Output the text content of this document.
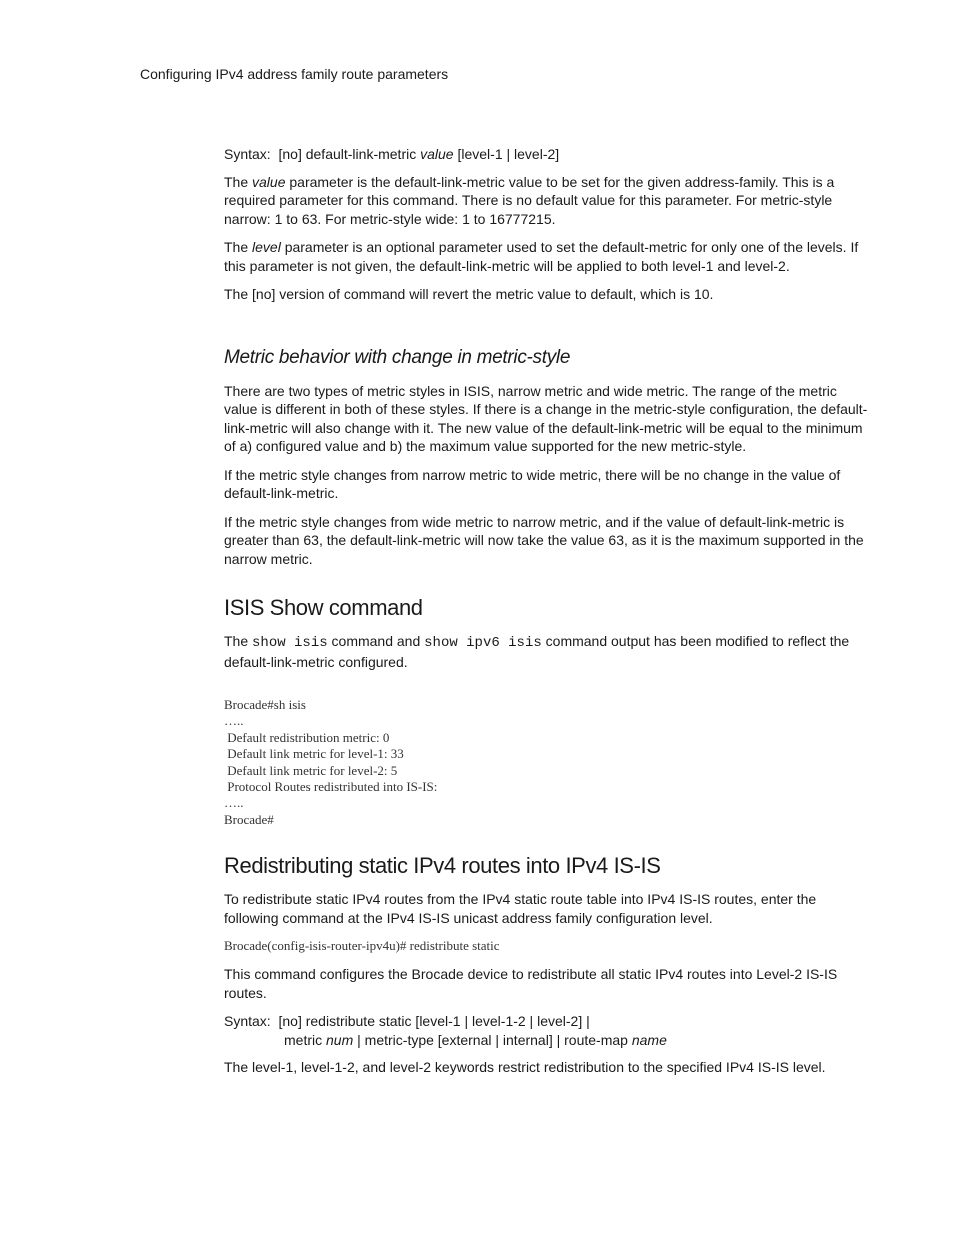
Configuring IPv4 address family route parameters
Syntax: [no] default-link-metric value [level-1 | level-2]

The value parameter is the default-link-metric value to be set for the given address-family. This is a required parameter for this command. There is no default value for this parameter. For metric-style narrow: 1 to 63. For metric-style wide: 1 to 16777215.

The level parameter is an optional parameter used to set the default-metric for only one of the levels. If this parameter is not given, the default-link-metric will be applied to both level-1 and level-2.

The [no] version of command will revert the metric value to default, which is 10.

Metric behavior with change in metric-style

There are two types of metric styles in ISIS, narrow metric and wide metric. The range of the metric value is different in both of these styles. If there is a change in the metric-style configuration, the default-link-metric will also change with it. The new value of the default-link-metric will be equal to the minimum of a) configured value and b) the maximum value supported for the new metric-style.

If the metric style changes from narrow metric to wide metric, there will be no change in the value of default-link-metric.

If the metric style changes from wide metric to narrow metric, and if the value of default-link-metric is greater than 63, the default-link-metric will now take the value 63, as it is the maximum supported in the narrow metric.

ISIS Show command

The show isis command and show ipv6 isis command output has been modified to reflect the default-link-metric configured.

Brocade#sh isis
…..
Default redistribution metric: 0
Default link metric for level-1: 33
Default link metric for level-2: 5
Protocol Routes redistributed into IS-IS:
…..
Brocade#
Redistributing static IPv4 routes into IPv4 IS-IS

To redistribute static IPv4 routes from the IPv4 static route table into IPv4 IS-IS routes, enter the following command at the IPv4 IS-IS unicast address family configuration level.

Brocade(config-isis-router-ipv4u)# redistribute static

This command configures the Brocade device to redistribute all static IPv4 routes into Level-2 IS-IS routes.

Syntax: [no] redistribute static [level-1 | level-1-2 | level-2] |
metric num | metric-type [external | internal] | route-map name

The level-1, level-1-2, and level-2 keywords restrict redistribution to the specified IPv4 IS-IS level.
